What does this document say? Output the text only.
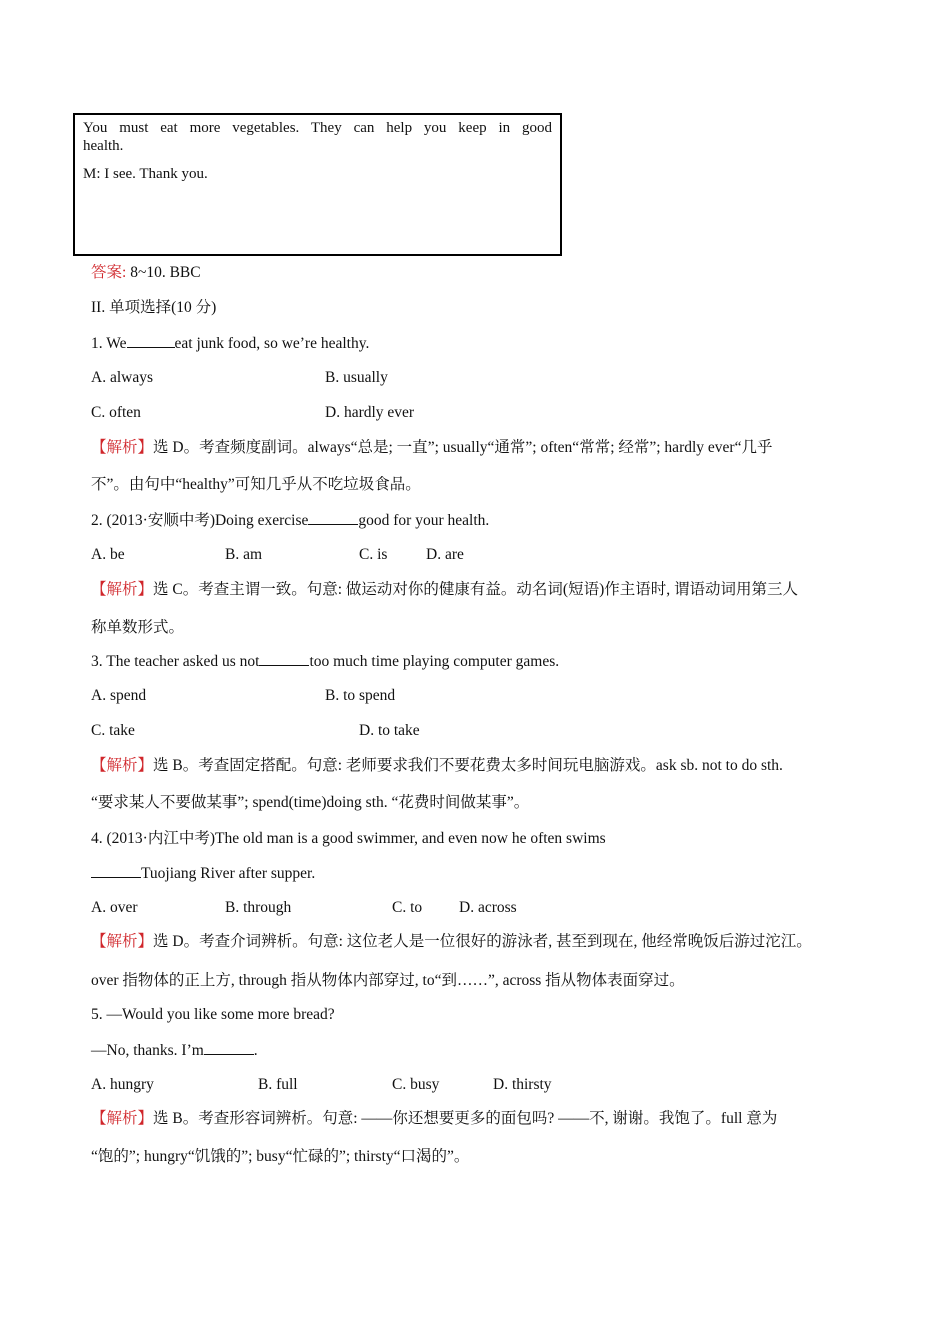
You must eat more vegetables. They can help you keep in good

health.

M: I see. Thank you.

答案: 8~10. BBC
II. 单项选择(10 分)
1. We	eat junk food, so we’re healthy.
A. always	B. usually
C. often	D. hardly ever
【解析】选 D。考查频度副词。always“总是; 一直”; usually“通常”; often“常常; 经常”; hardly ever“几乎
不”。由句中“healthy”可知几乎从不吃垃圾食品。
2. (2013·安顺中考)Doing exercise	good for your health.
A. be	B. am	C. is D. are
【解析】选 C。考查主谓一致。句意: 做运动对你的健康有益。动名词(短语)作主语时, 谓语动词用第三人
称单数形式。
3. The teacher asked us not	too much time playing computer games.
A. spend	B. to spend
C. take	D. to take
【解析】选 B。考查固定搭配。句意: 老师要求我们不要花费太多时间玩电脑游戏。ask sb. not to do sth.
“要求某人不要做某事”; spend(time)doing sth. “花费时间做某事”。
4. (2013·内江中考)The old man is a good swimmer, and even now he often swims
Tuojiang River after supper.
A. over	B. through	C. to D. across
【解析】选 D。考查介词辨析。句意: 这位老人是一位很好的游泳者, 甚至到现在, 他经常晚饭后游过沱江。
over 指物体的正上方, through 指从物体内部穿过, to“到……”, across 指从物体表面穿过。
5. —Would you like some more bread?
—No, thanks. I’m	.
A. hungry	B. full	C. busy	D. thirsty
【解析】选 B。考查形容词辨析。句意: ——你还想要更多的面包吗? ——不, 谢谢。我饱了。full 意为
“饱的”; hungry“饥饿的”; busy“忙碌的”; thirsty“口渴的”。
